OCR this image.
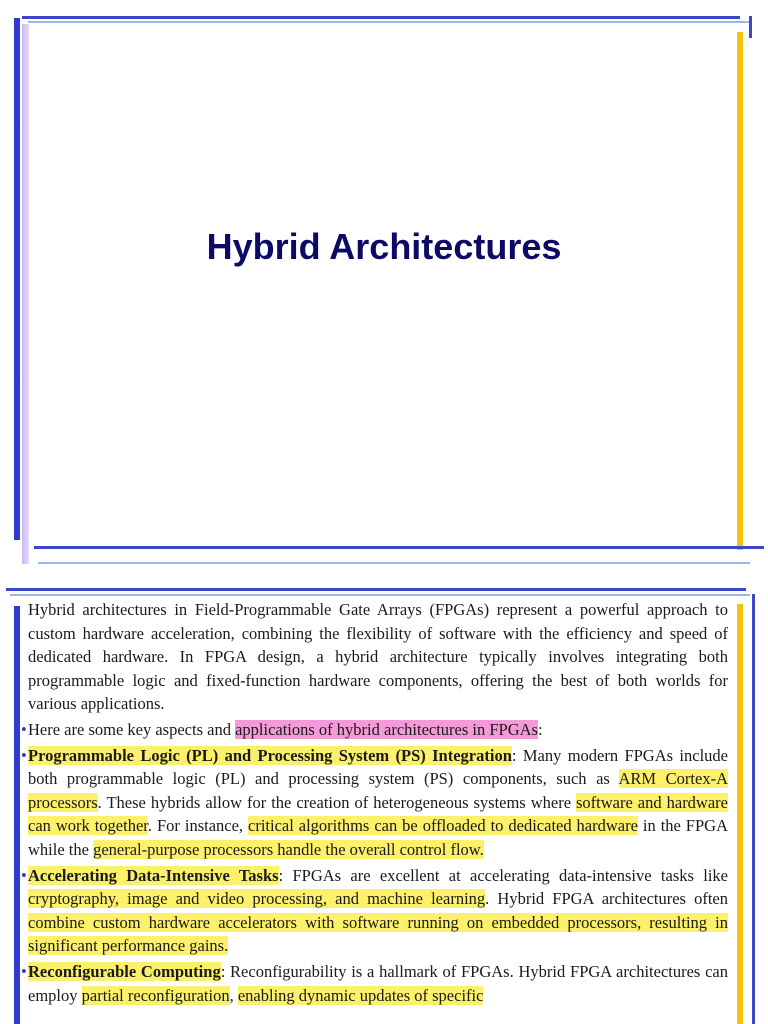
Hybrid Architectures

Hybrid architectures in Field-Programmable Gate Arrays (FPGAs) represent a powerful approach to custom hardware acceleration, combining the flexibility of software with the efficiency and speed of dedicated hardware. In FPGA design, a hybrid architecture typically involves integrating both programmable logic and fixed-function hardware components, offering the best of both worlds for various applications.

• Here are some key aspects and applications of hybrid architectures in FPGAs:

• Programmable Logic (PL) and Processing System (PS) Integration: Many modern FPGAs include both programmable logic (PL) and processing system (PS) components, such as ARM Cortex-A processors. These hybrids allow for the creation of heterogeneous systems where software and hardware can work together. For instance, critical algorithms can be offloaded to dedicated hardware in the FPGA while the general-purpose processors handle the overall control flow.

• Accelerating Data-Intensive Tasks: FPGAs are excellent at accelerating data-intensive tasks like cryptography, image and video processing, and machine learning. Hybrid FPGA architectures often combine custom hardware accelerators with software running on embedded processors, resulting in significant performance gains.

• Reconfigurable Computing: Reconfigurability is a hallmark of FPGAs. Hybrid FPGA architectures can employ partial reconfiguration, enabling dynamic updates of specific
